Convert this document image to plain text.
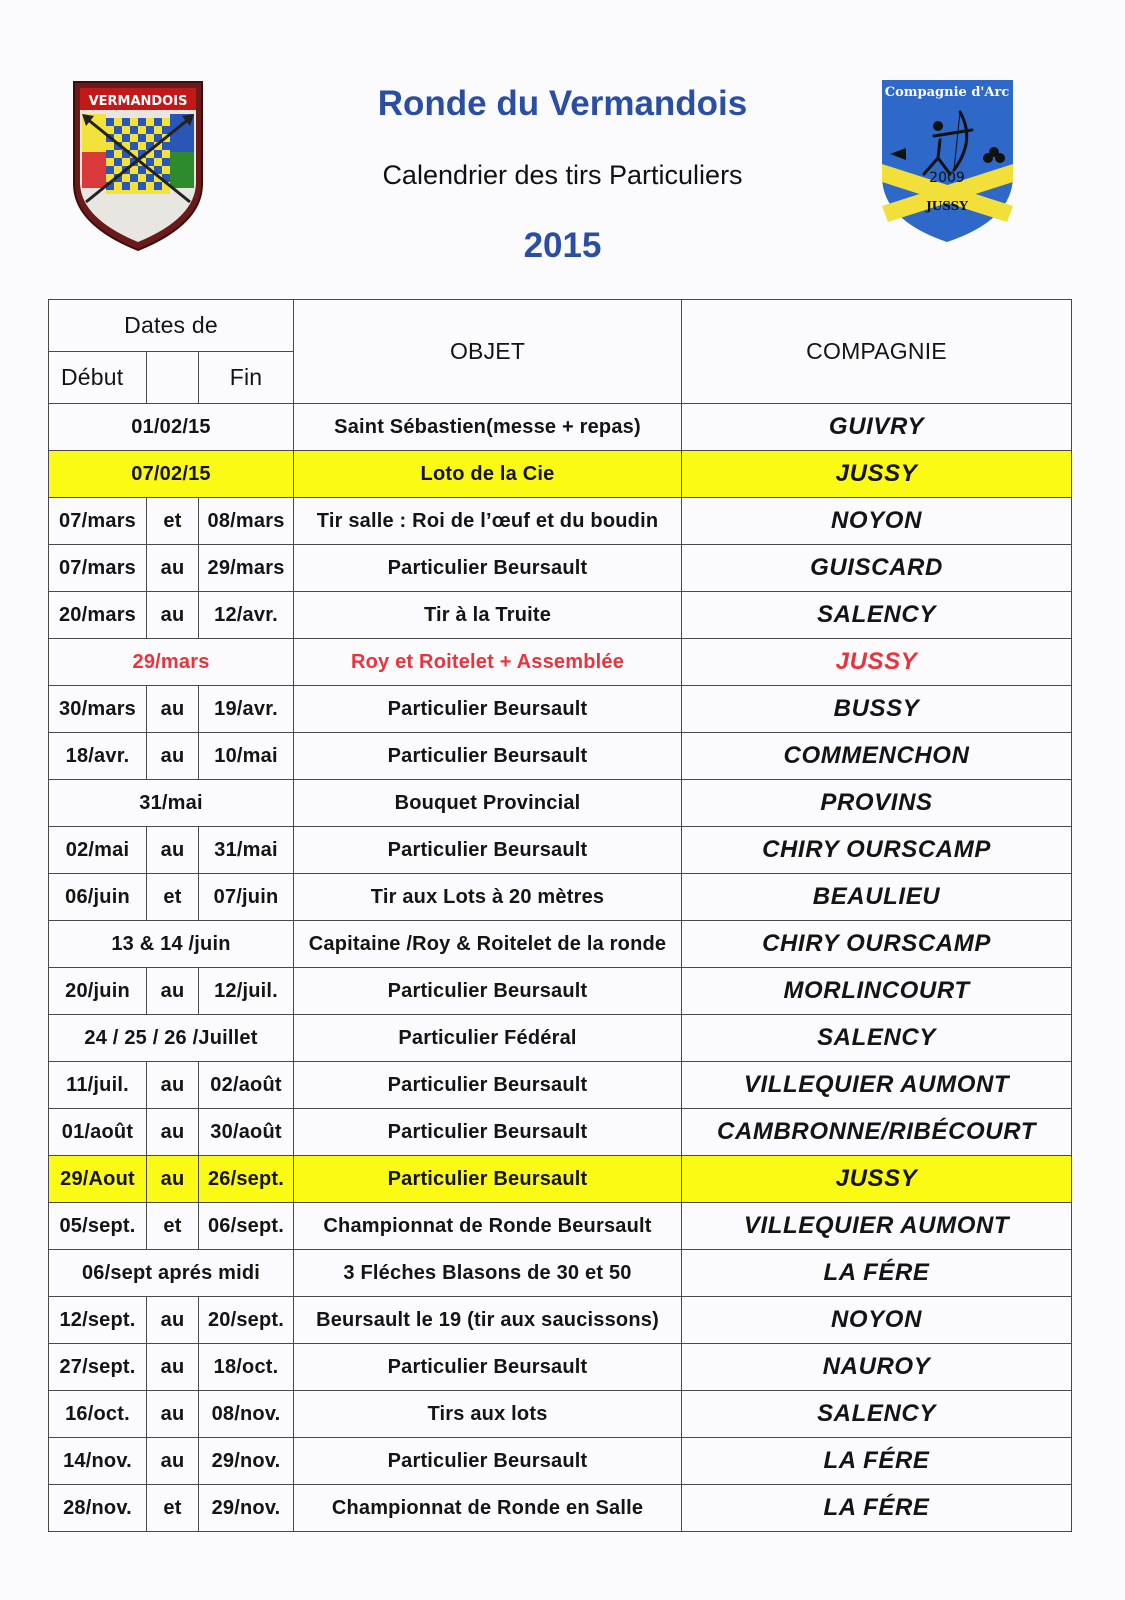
VERMANDOIS	Ronde du Vermandois
Calendrier des tirs Particuliers
2015
Compagnie d'Arc
2009
JUSSY
Dates de			OBJET	COMPAGNIE
Début		Fin		
01/02/15			Saint Sébastien(messe + repas)	GUIVRY
07/02/15			Loto de la Cie	JUSSY
07/mars	et	08/mars	Tir salle : Roi de l’œuf et du boudin	NOYON
07/mars	au	29/mars	Particulier Beursault	GUISCARD
20/mars	au	12/avr.	Tir à la Truite	SALENCY
29/mars			Roy et Roitelet + Assemblée	JUSSY
30/mars	au	19/avr.	Particulier Beursault	BUSSY
18/avr.	au	10/mai	Particulier Beursault	COMMENCHON
31/mai			Bouquet Provincial	PROVINS
02/mai	au	31/mai	Particulier Beursault	CHIRY OURSCAMP
06/juin	et	07/juin	Tir aux Lots à 20 mètres	BEAULIEU
13 & 14 /juin			Capitaine /Roy & Roitelet de la ronde	CHIRY OURSCAMP
20/juin	au	12/juil.	Particulier Beursault	MORLINCOURT
24 / 25 / 26 /Juillet			Particulier Fédéral	SALENCY
11/juil.	au	02/août	Particulier Beursault	VILLEQUIER AUMONT
01/août	au	30/août	Particulier Beursault	CAMBRONNE/RIBÉCOURT
29/Aout	au	26/sept.	Particulier Beursault	JUSSY
05/sept.	et	06/sept.	Championnat de Ronde Beursault	VILLEQUIER AUMONT
06/sept aprés midi			3 Fléches Blasons de 30 et 50	LA FÉRE
12/sept.	au	20/sept.	Beursault le 19 (tir aux saucissons)	NOYON
27/sept.	au	18/oct.	Particulier Beursault	NAUROY
16/oct.	au	08/nov.	Tirs aux lots	SALENCY
14/nov.	au	29/nov.	Particulier Beursault	LA FÉRE
28/nov.	et	29/nov.	Championnat de Ronde en Salle	LA FÉRE
